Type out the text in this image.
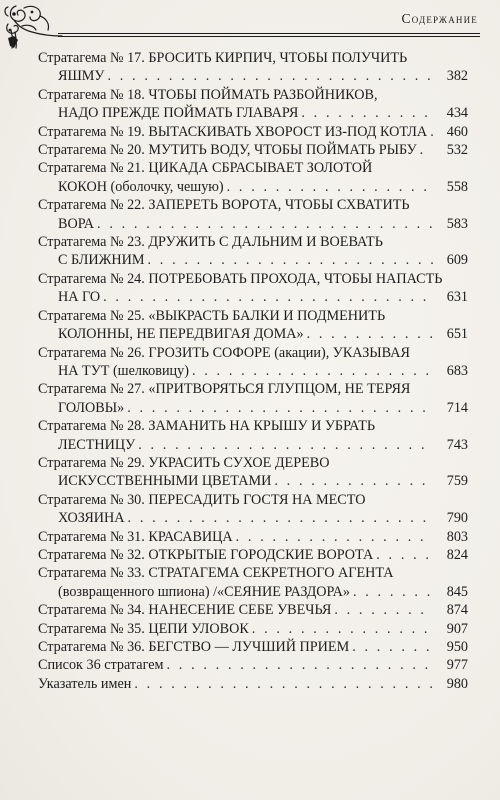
Содержание
Стратагема № 17. БРОСИТЬ КИРПИЧ, ЧТОБЫ ПОЛУЧИТЬ
ЯШМУ . . .	382
Стратагема № 18. ЧТОБЫ ПОЙМАТЬ РАЗБОЙНИКОВ,
НАДО ПРЕЖДЕ ПОЙМАТЬ ГЛАВАРЯ . . .	434
Стратагема № 19. ВЫТАСКИВАТЬ ХВОРОСТ ИЗ-ПОД КОТЛА . . .	460
Стратагема № 20. МУТИТЬ ВОДУ, ЧТОБЫ ПОЙМАТЬ РЫБУ . . .	532
Стратагема № 21. ЦИКАДА СБРАСЫВАЕТ ЗОЛОТОЙ
КОКОН (оболочку, чешую) . . .	558
Стратагема № 22. ЗАПЕРЕТЬ ВОРОТА, ЧТОБЫ СХВАТИТЬ
ВОРА . . .	583
Стратагема № 23. ДРУЖИТЬ С ДАЛЬНИМ И ВОЕВАТЬ
С БЛИЖНИМ . . .	609
Стратагема № 24. ПОТРЕБОВАТЬ ПРОХОДА, ЧТОБЫ НАПАСТЬ
НА ГО . . .	631
Стратагема № 25. «ВЫКРАСТЬ БАЛКИ И ПОДМЕНИТЬ
КОЛОННЫ, НЕ ПЕРЕДВИГАЯ ДОМА» . . .	651
Стратагема № 26. ГРОЗИТЬ СОФОРЕ (акации), УКАЗЫВАЯ
НА ТУТ (шелковицу) . . .	683
Стратагема № 27. «ПРИТВОРЯТЬСЯ ГЛУПЦОМ, НЕ ТЕРЯЯ
ГОЛОВЫ» . . .	714
Стратагема № 28. ЗАМАНИТЬ НА КРЫШУ И УБРАТЬ
ЛЕСТНИЦУ . . .	743
Стратагема № 29. УКРАСИТЬ СУХОЕ ДЕРЕВО
ИСКУССТВЕННЫМИ ЦВЕТАМИ . . .	759
Стратагема № 30. ПЕРЕСАДИТЬ ГОСТЯ НА МЕСТО
ХОЗЯИНА . . .	790
Стратагема № 31. КРАСАВИЦА . . .	803
Стратагема № 32. ОТКРЫТЫЕ ГОРОДСКИЕ ВОРОТА . . .	824
Стратагема № 33. СТРАТАГЕМА СЕКРЕТНОГО АГЕНТА
(возвращенного шпиона) /«СЕЯНИЕ РАЗДОРА» . . .	845
Стратагема № 34. НАНЕСЕНИЕ СЕБЕ УВЕЧЬЯ . . .	874
Стратагема № 35. ЦЕПИ УЛОВОК . . .	907
Стратагема № 36. БЕГСТВО — ЛУЧШИЙ ПРИЕМ . . .	950
Список 36 стратагем . . .	977
Указатель имен . . .	980
